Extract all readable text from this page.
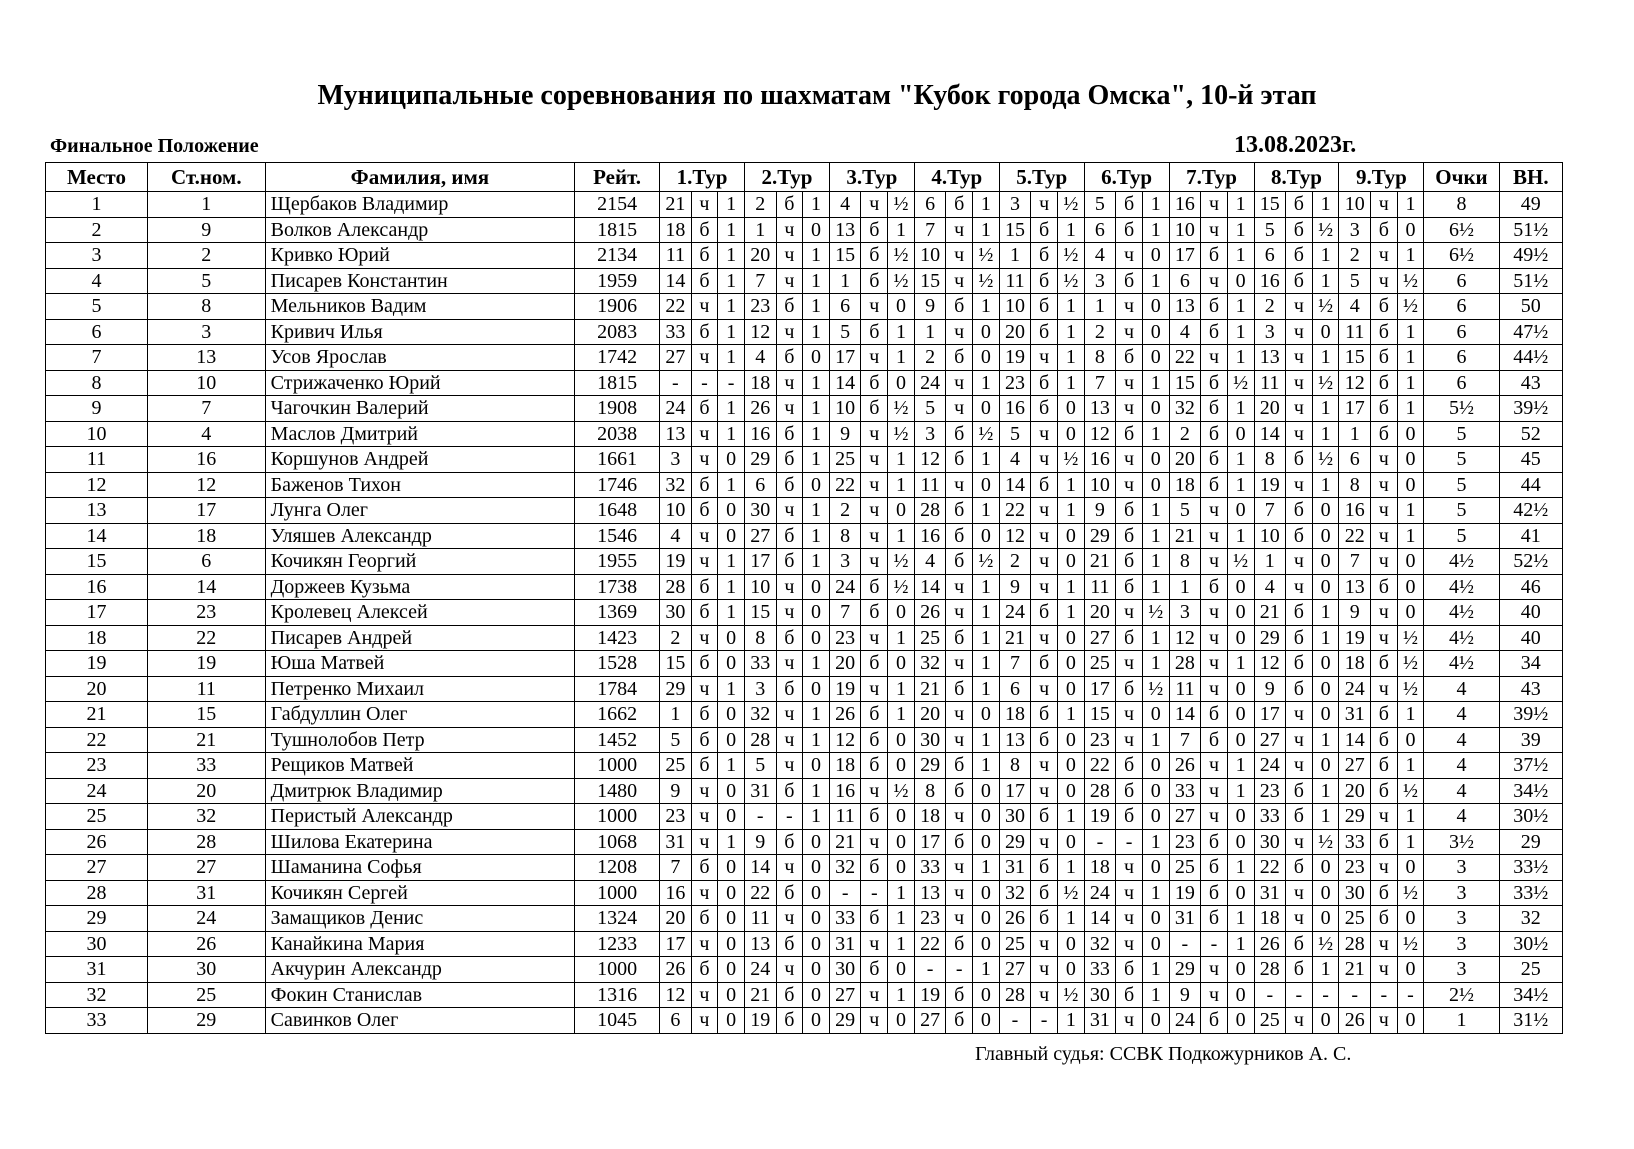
Муниципальные соревнования по шахматам "Кубок города Омска", 10-й этап
Финальное Положение	13.08.2023г.
Место	Ст.ном.	Фамилия, имя	Рейт.	1.Тур			2.Тур			3.Тур			4.Тур			5.Тур			6.Тур			7.Тур			8.Тур			9.Тур			Очки	ВН.
1	1	Щербаков Владимир	2154	21	ч	1	2	б	1	4	ч	½	6	б	1	3	ч	½	5	б	1	16	ч	1	15	б	1	10	ч	1	8	49
2	9	Волков Александр	1815	18	б	1	1	ч	0	13	б	1	7	ч	1	15	б	1	6	б	1	10	ч	1	5	б	½	3	б	0	6½	51½
3	2	Кривко Юрий	2134	11	б	1	20	ч	1	15	б	½	10	ч	½	1	б	½	4	ч	0	17	б	1	6	б	1	2	ч	1	6½	49½
4	5	Писарев Константин	1959	14	б	1	7	ч	1	1	б	½	15	ч	½	11	б	½	3	б	1	6	ч	0	16	б	1	5	ч	½	6	51½
5	8	Мельников Вадим	1906	22	ч	1	23	б	1	6	ч	0	9	б	1	10	б	1	1	ч	0	13	б	1	2	ч	½	4	б	½	6	50
6	3	Кривич Илья	2083	33	б	1	12	ч	1	5	б	1	1	ч	0	20	б	1	2	ч	0	4	б	1	3	ч	0	11	б	1	6	47½
7	13	Усов Ярослав	1742	27	ч	1	4	б	0	17	ч	1	2	б	0	19	ч	1	8	б	0	22	ч	1	13	ч	1	15	б	1	6	44½
8	10	Стрижаченко Юрий	1815	-	-	-	18	ч	1	14	б	0	24	ч	1	23	б	1	7	ч	1	15	б	½	11	ч	½	12	б	1	6	43
9	7	Чагочкин Валерий	1908	24	б	1	26	ч	1	10	б	½	5	ч	0	16	б	0	13	ч	0	32	б	1	20	ч	1	17	б	1	5½	39½
10	4	Маслов Дмитрий	2038	13	ч	1	16	б	1	9	ч	½	3	б	½	5	ч	0	12	б	1	2	б	0	14	ч	1	1	б	0	5	52
11	16	Коршунов Андрей	1661	3	ч	0	29	б	1	25	ч	1	12	б	1	4	ч	½	16	ч	0	20	б	1	8	б	½	6	ч	0	5	45
12	12	Баженов Тихон	1746	32	б	1	6	б	0	22	ч	1	11	ч	0	14	б	1	10	ч	0	18	б	1	19	ч	1	8	ч	0	5	44
13	17	Лунга Олег	1648	10	б	0	30	ч	1	2	ч	0	28	б	1	22	ч	1	9	б	1	5	ч	0	7	б	0	16	ч	1	5	42½
14	18	Уляшев Александр	1546	4	ч	0	27	б	1	8	ч	1	16	б	0	12	ч	0	29	б	1	21	ч	1	10	б	0	22	ч	1	5	41
15	6	Кочикян Георгий	1955	19	ч	1	17	б	1	3	ч	½	4	б	½	2	ч	0	21	б	1	8	ч	½	1	ч	0	7	ч	0	4½	52½
16	14	Доржеев Кузьма	1738	28	б	1	10	ч	0	24	б	½	14	ч	1	9	ч	1	11	б	1	1	б	0	4	ч	0	13	б	0	4½	46
17	23	Кролевец Алексей	1369	30	б	1	15	ч	0	7	б	0	26	ч	1	24	б	1	20	ч	½	3	ч	0	21	б	1	9	ч	0	4½	40
18	22	Писарев Андрей	1423	2	ч	0	8	б	0	23	ч	1	25	б	1	21	ч	0	27	б	1	12	ч	0	29	б	1	19	ч	½	4½	40
19	19	Юша Матвей	1528	15	б	0	33	ч	1	20	б	0	32	ч	1	7	б	0	25	ч	1	28	ч	1	12	б	0	18	б	½	4½	34
20	11	Петренко Михаил	1784	29	ч	1	3	б	0	19	ч	1	21	б	1	6	ч	0	17	б	½	11	ч	0	9	б	0	24	ч	½	4	43
21	15	Габдуллин Олег	1662	1	б	0	32	ч	1	26	б	1	20	ч	0	18	б	1	15	ч	0	14	б	0	17	ч	0	31	б	1	4	39½
22	21	Тушнолобов Петр	1452	5	б	0	28	ч	1	12	б	0	30	ч	1	13	б	0	23	ч	1	7	б	0	27	ч	1	14	б	0	4	39
23	33	Рещиков Матвей	1000	25	б	1	5	ч	0	18	б	0	29	б	1	8	ч	0	22	б	0	26	ч	1	24	ч	0	27	б	1	4	37½
24	20	Дмитрюк Владимир	1480	9	ч	0	31	б	1	16	ч	½	8	б	0	17	ч	0	28	б	0	33	ч	1	23	б	1	20	б	½	4	34½
25	32	Перистый Александр	1000	23	ч	0	-	-	1	11	б	0	18	ч	0	30	б	1	19	б	0	27	ч	0	33	б	1	29	ч	1	4	30½
26	28	Шилова Екатерина	1068	31	ч	1	9	б	0	21	ч	0	17	б	0	29	ч	0	-	-	1	23	б	0	30	ч	½	33	б	1	3½	29
27	27	Шаманина Софья	1208	7	б	0	14	ч	0	32	б	0	33	ч	1	31	б	1	18	ч	0	25	б	1	22	б	0	23	ч	0	3	33½
28	31	Кочикян Сергей	1000	16	ч	0	22	б	0	-	-	1	13	ч	0	32	б	½	24	ч	1	19	б	0	31	ч	0	30	б	½	3	33½
29	24	Замащиков Денис	1324	20	б	0	11	ч	0	33	б	1	23	ч	0	26	б	1	14	ч	0	31	б	1	18	ч	0	25	б	0	3	32
30	26	Канайкина Мария	1233	17	ч	0	13	б	0	31	ч	1	22	б	0	25	ч	0	32	ч	0	-	-	1	26	б	½	28	ч	½	3	30½
31	30	Акчурин Александр	1000	26	б	0	24	ч	0	30	б	0	-	-	1	27	ч	0	33	б	1	29	ч	0	28	б	1	21	ч	0	3	25
32	25	Фокин Станислав	1316	12	ч	0	21	б	0	27	ч	1	19	б	0	28	ч	½	30	б	1	9	ч	0	-	-	-	-	-	-	2½	34½
33	29	Савинков Олег	1045	6	ч	0	19	б	0	29	ч	0	27	б	0	-	-	1	31	ч	0	24	б	0	25	ч	0	26	ч	0	1	31½
Главный судья: ССВК Подкожурников А. С.
